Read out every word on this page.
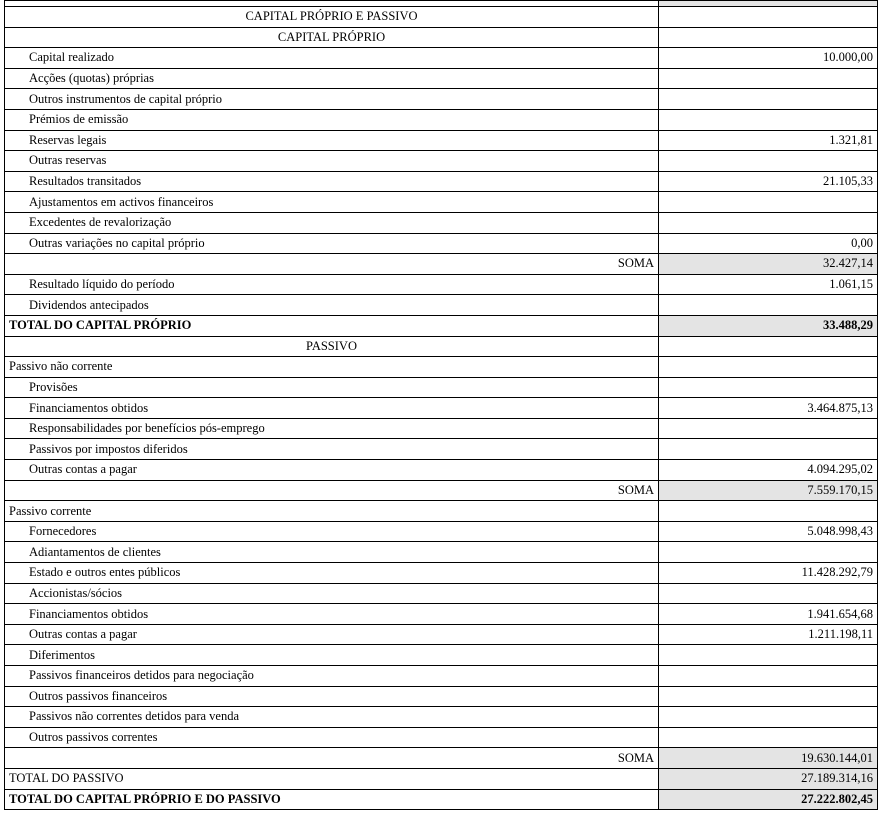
CAPITAL PRÓPRIO E PASSIVO	
CAPITAL PRÓPRIO	
Capital realizado	10.000,00
Acções (quotas) próprias	
Outros instrumentos de capital próprio	
Prémios de emissão	
Reservas legais	1.321,81
Outras reservas	
Resultados transitados	21.105,33
Ajustamentos em activos financeiros	
Excedentes de revalorização	
Outras variações no capital próprio	0,00
SOMA	32.427,14
Resultado líquido do período	1.061,15
Dividendos antecipados	
TOTAL DO CAPITAL PRÓPRIO	33.488,29
PASSIVO	
Passivo não corrente	
Provisões	
Financiamentos obtidos	3.464.875,13
Responsabilidades por benefícios pós-emprego	
Passivos por impostos diferidos	
Outras contas a pagar	4.094.295,02
SOMA	7.559.170,15
Passivo corrente	
Fornecedores	5.048.998,43
Adiantamentos de clientes	
Estado e outros entes públicos	11.428.292,79
Accionistas/sócios	
Financiamentos obtidos	1.941.654,68
Outras contas a pagar	1.211.198,11
Diferimentos	
Passivos financeiros detidos para negociação	
Outros passivos financeiros	
Passivos não correntes detidos para venda	
Outros passivos correntes	
SOMA	19.630.144,01
TOTAL DO PASSIVO	27.189.314,16
TOTAL DO CAPITAL PRÓPRIO E DO PASSIVO	27.222.802,45
